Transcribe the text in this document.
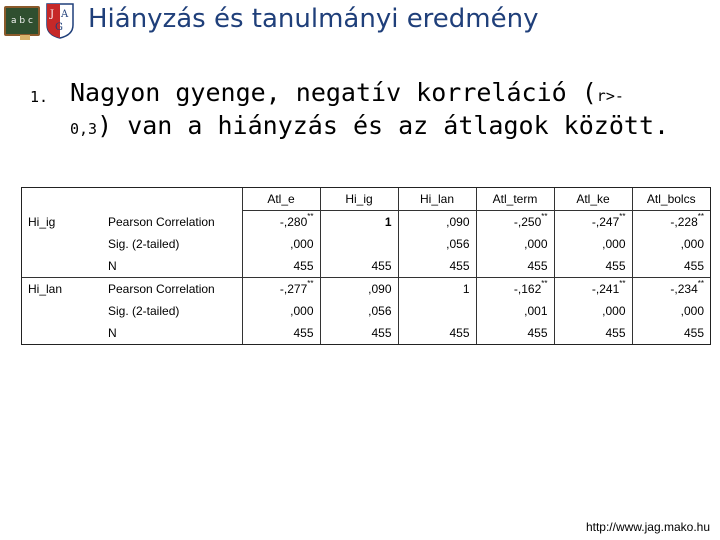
a b c
J A
G Hiányzás és tanulmányi eredmény
1. Nagyon gyenge, negatív korreláció (r>-
0,3) van a hiányzás és az átlagok között.
		Atl_e	Hi_ig	Hi_lan	Atl_term	Atl_ke	Atl_bolcs
Hi_ig	Pearson Correlation	-,280**	1	,090	-,250**	-,247**	-,228**
	Sig. (2-tailed)	,000		,056	,000	,000	,000
	N	455	455	455	455	455	455
Hi_lan	Pearson Correlation	-,277**	,090	1	-,162**	-,241**	-,234**
	Sig. (2-tailed)	,000	,056		,001	,000	,000
	N	455	455	455	455	455	455
http://www.jag.mako.hu
